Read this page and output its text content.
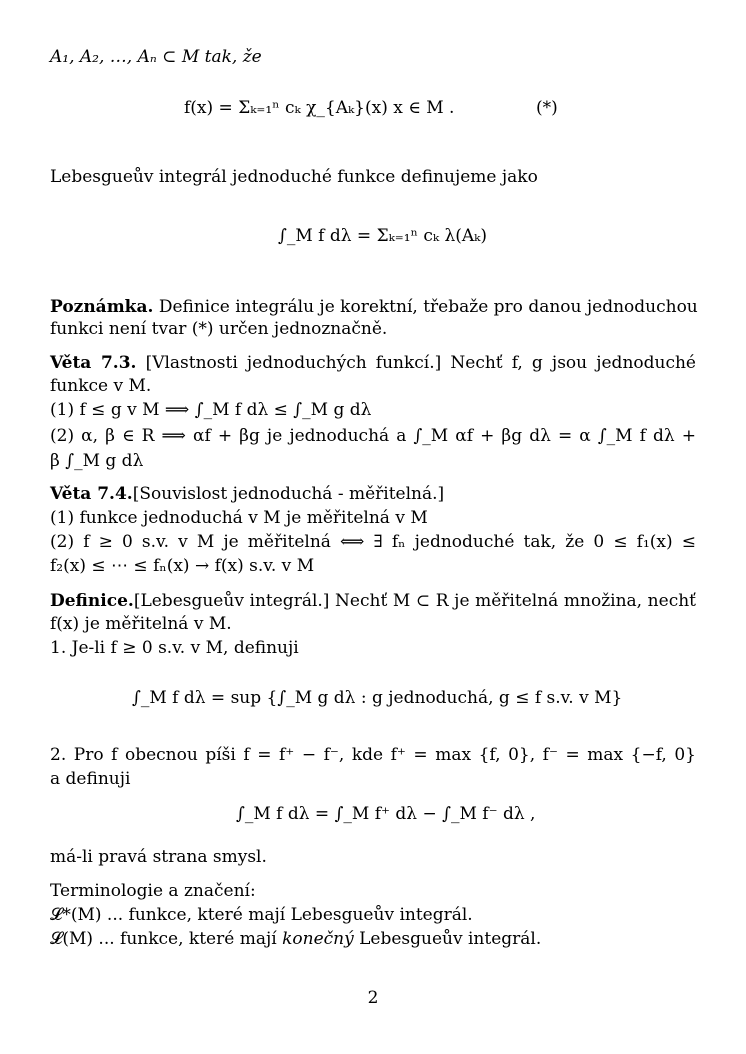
A₁, A₂, …, Aₙ ⊂ M tak, že
f(x) = Σₖ₌₁ⁿ cₖ χ_{Aₖ}(x) x ∈ M .	(*)
Lebesgueův integrál jednoduché funkce definujeme jako
∫_M f dλ = Σₖ₌₁ⁿ cₖ λ(Aₖ)
Poznámka. Definice integrálu je korektní, třebaže pro danou jednoduchou
funkci není tvar (*) určen jednoznačně.
Věta 7.3. [Vlastnosti jednoduchých funkcí.] Nechť f, g jsou jednoduché
funkce v M.
(1) f ≤ g v M ⟹ ∫_M f dλ ≤ ∫_M g dλ
(2) α, β ∈ R ⟹ αf + βg je jednoduchá a ∫_M αf + βg dλ = α ∫_M f dλ +
β ∫_M g dλ
Věta 7.4.[Souvislost jednoduchá - měřitelná.]
(1) funkce jednoduchá v M je měřitelná v M
(2) f ≥ 0 s.v. v M je měřitelná ⟺ ∃ fₙ jednoduché tak, že 0 ≤ f₁(x) ≤
f₂(x) ≤ ⋯ ≤ fₙ(x) → f(x) s.v. v M
Definice.[Lebesgueův integrál.] Nechť M ⊂ R je měřitelná množina, nechť
f(x) je měřitelná v M.
1. Je-li f ≥ 0 s.v. v M, definuji
∫_M f dλ = sup {∫_M g dλ : g jednoduchá, g ≤ f s.v. v M}
2. Pro f obecnou píši f = f⁺ − f⁻, kde f⁺ = max {f, 0}, f⁻ = max {−f, 0}
a definuji
∫_M f dλ = ∫_M f⁺ dλ − ∫_M f⁻ dλ ,
má-li pravá strana smysl.
Terminologie a značení:
𝓛*(M) ... funkce, které mají Lebesgueův integrál.
𝓛(M) ... funkce, které mají konečný Lebesgueův integrál.
2
